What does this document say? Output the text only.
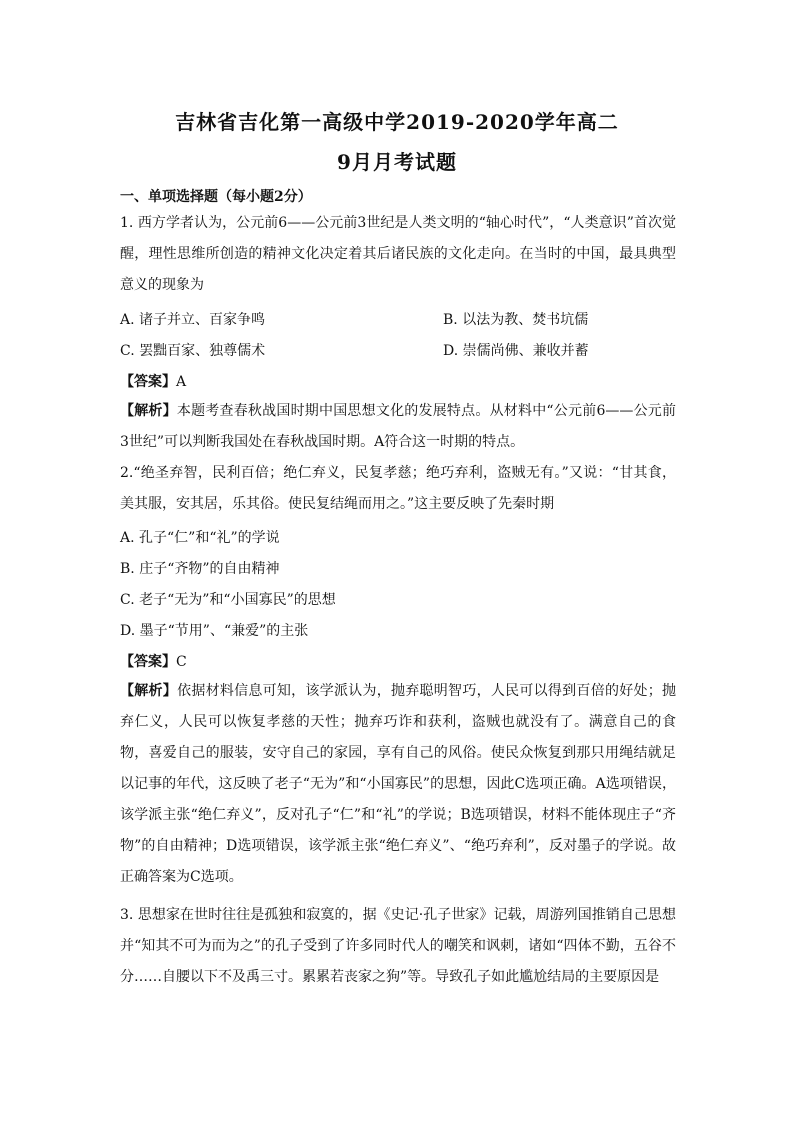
吉林省吉化第一高级中学2019-2020学年高二
9月月考试题
一、单项选择题（每小题2分）

1. 西方学者认为，公元前6——公元前3世纪是人类文明的“轴心时代”，“人类意识”首次觉醒，理性思维所创造的精神文化决定着其后诸民族的文化走向。在当时的中国，最具典型意义的现象为

A. 诸子并立、百家争鸣	B. 以法为教、焚书坑儒
C. 罢黜百家、独尊儒术	D. 崇儒尚佛、兼收并蓄
【答案】A

【解析】本题考查春秋战国时期中国思想文化的发展特点。从材料中“公元前6——公元前3世纪”可以判断我国处在春秋战国时期。A符合这一时期的特点。

2.“绝圣弃智，民利百倍；绝仁弃义，民复孝慈；绝巧弃利，盗贼无有。”又说：“甘其食，美其服，安其居，乐其俗。使民复结绳而用之。”这主要反映了先秦时期

A. 孔子“仁”和“礼”的学说
B. 庄子“齐物”的自由精神
C. 老子“无为”和“小国寡民”的思想
D. 墨子“节用”、“兼爱”的主张
【答案】C

【解析】依据材料信息可知，该学派认为，抛弃聪明智巧，人民可以得到百倍的好处；抛弃仁义，人民可以恢复孝慈的天性；抛弃巧诈和获利，盗贼也就没有了。满意自己的食物，喜爱自己的服装，安守自己的家园，享有自己的风俗。使民众恢复到那只用绳结就足以记事的年代，这反映了老子“无为”和“小国寡民”的思想，因此C选项正确。A选项错误，该学派主张“绝仁弃义”，反对孔子“仁”和“礼”的学说；B选项错误，材料不能体现庄子“齐物”的自由精神；D选项错误，该学派主张“绝仁弃义”、“绝巧弃利”，反对墨子的学说。故正确答案为C选项。

3. 思想家在世时往往是孤独和寂寞的，据《史记·孔子世家》记载，周游列国推销自己思想并“知其不可为而为之”的孔子受到了许多同时代人的嘲笑和讽刺，诸如“四体不勤，五谷不分……自腰以下不及禹三寸。累累若丧家之狗”等。导致孔子如此尴尬结局的主要原因是
